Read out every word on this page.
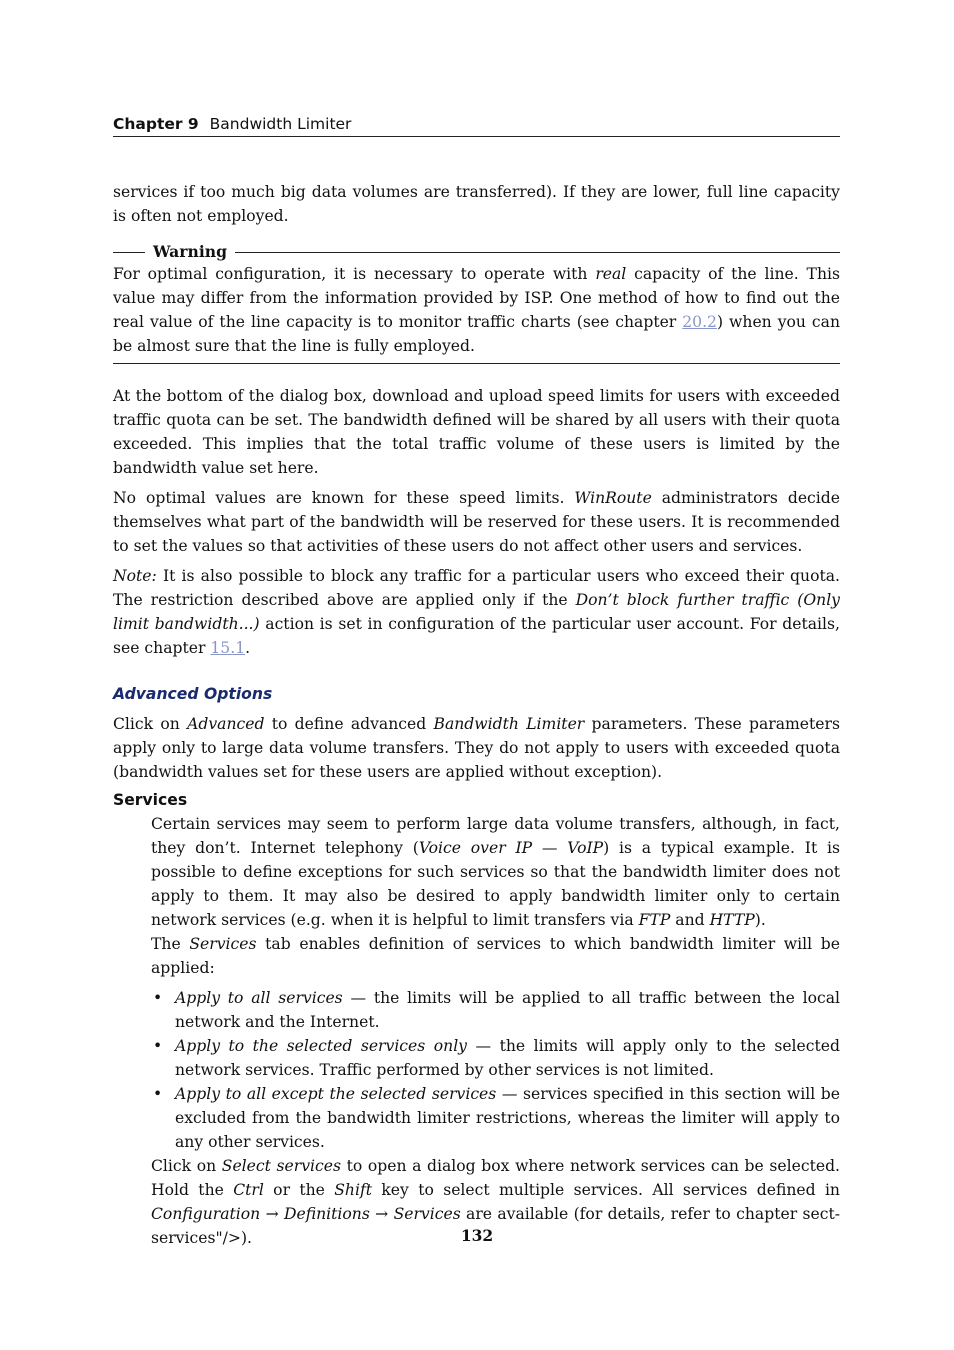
Chapter 9 Bandwidth Limiter

services if too much big data volumes are transferred). If they are lower, full line capacity is often not employed.

Warning
For optimal configuration, it is necessary to operate with real capacity of the line. This value may differ from the information provided by ISP. One method of how to find out the real value of the line capacity is to monitor traffic charts (see chapter 20.2) when you can be almost sure that the line is fully employed.

At the bottom of the dialog box, download and upload speed limits for users with exceeded traffic quota can be set. The bandwidth defined will be shared by all users with their quota exceeded. This implies that the total traffic volume of these users is limited by the bandwidth value set here.

No optimal values are known for these speed limits. WinRoute administrators decide themselves what part of the bandwidth will be reserved for these users. It is recommended to set the values so that activities of these users do not affect other users and services.

Note: It is also possible to block any traffic for a particular users who exceed their quota. The restriction described above are applied only if the Don’t block further traffic (Only limit bandwidth...) action is set in configuration of the particular user account. For details, see chapter 15.1.

Advanced Options

Click on Advanced to define advanced Bandwidth Limiter parameters. These parameters apply only to large data volume transfers. They do not apply to users with exceeded quota (bandwidth values set for these users are applied without exception).

Services

Certain services may seem to perform large data volume transfers, although, in fact, they don’t. Internet telephony (Voice over IP — VoIP) is a typical example. It is possible to define exceptions for such services so that the bandwidth limiter does not apply to them. It may also be desired to apply bandwidth limiter only to certain network services (e.g. when it is helpful to limit transfers via FTP and HTTP).

The Services tab enables definition of services to which bandwidth limiter will be applied:

• Apply to all services — the limits will be applied to all traffic between the local network and the Internet.
• Apply to the selected services only — the limits will apply only to the selected network services. Traffic performed by other services is not limited.
• Apply to all except the selected services — services specified in this section will be excluded from the bandwidth limiter restrictions, whereas the limiter will apply to any other services.

Click on Select services to open a dialog box where network services can be selected. Hold the Ctrl or the Shift key to select multiple services. All services defined in Configuration → Definitions → Services are available (for details, refer to chapter sect-services"/>).	132
